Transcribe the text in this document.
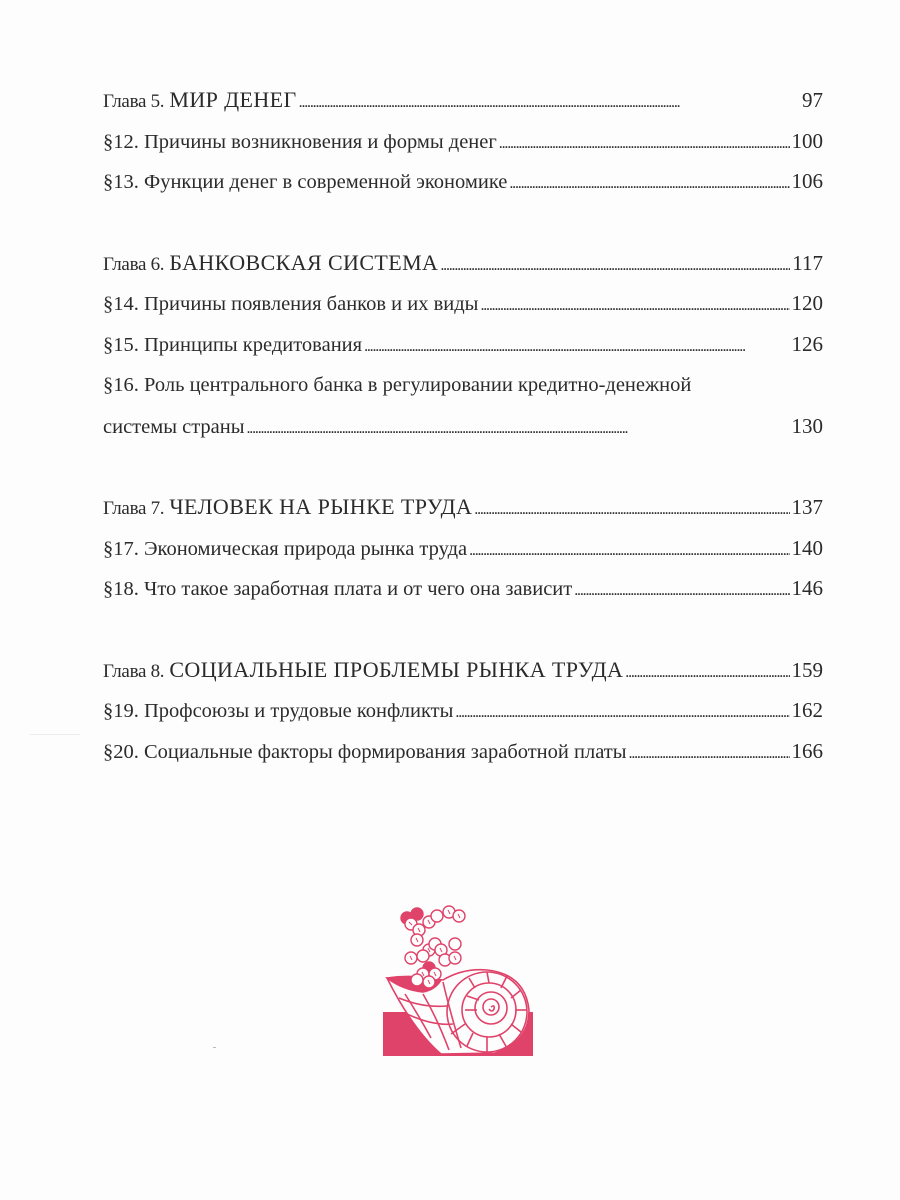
Глава 5. МИР ДЕНЕГ . . .	97
§12. Причины возникновения и формы денег . . .	100
§13. Функции денег в современной экономике . . .	106
Глава 6. БАНКОВСКАЯ СИСТЕМА . . .	117
§14. Причины появления банков и их виды . . .	120
§15. Принципы кредитования . . .	126
§16. Роль центрального банка в регулировании кредитно-денежной
системы страны . . .	130
Глава 7. ЧЕЛОВЕК НА РЫНКЕ ТРУДА . . .	137
§17. Экономическая природа рынка труда . . .	140
§18. Что такое заработная плата и от чего она зависит . . .	146
Глава 8. СОЦИАЛЬНЫЕ ПРОБЛЕМЫ РЫНКА ТРУДА . . .	159
§19. Профсоюзы и трудовые конфликты . . .	162
§20. Социальные факторы формирования заработной платы . . .	166
